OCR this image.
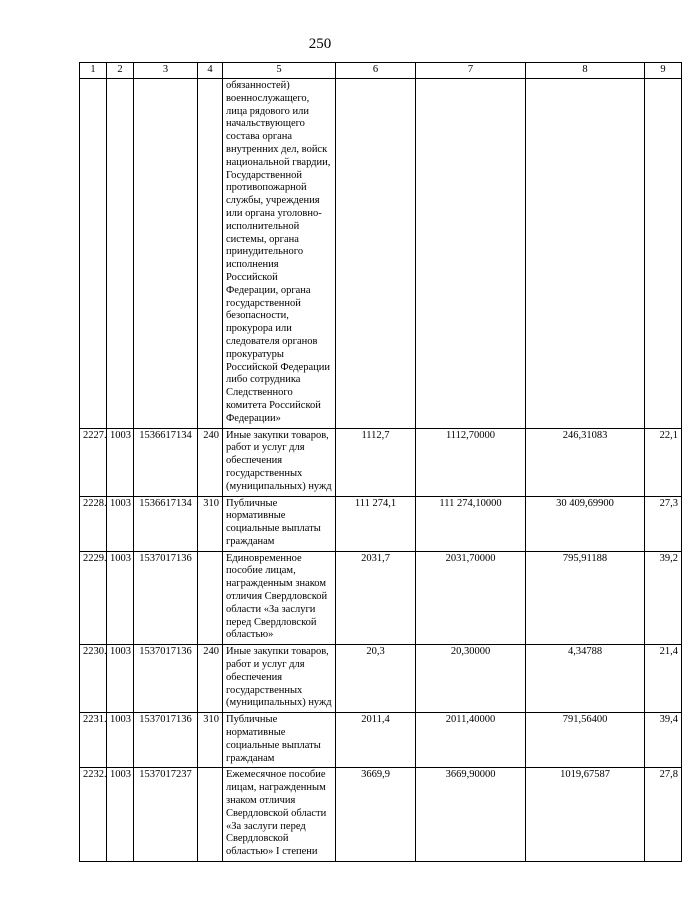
250
1	2	3	4	5	6	7	8	9
				обязанностей) военнослужащего, лица рядового или начальствующего состава органа внутренних дел, войск национальной гвардии, Государственной противопожарной службы, учреждения или органа уголовно-исполнительной системы, органа принудительного исполнения Российской Федерации, органа государственной безопасности, прокурора или следователя органов прокуратуры Российской Федерации либо сотрудника Следственного комитета Российской Федерации»				
2227.	1003	1536617134	240	Иные закупки товаров, работ и услуг для обеспечения государственных (муниципальных) нужд	1112,7	1112,70000	246,31083	22,1
2228.	1003	1536617134	310	Публичные нормативные социальные выплаты гражданам	111 274,1	111 274,10000	30 409,69900	27,3
2229.	1003	1537017136		Единовременное пособие лицам, награжденным знаком отличия Свердловской области «За заслуги перед Свердловской областью»	2031,7	2031,70000	795,91188	39,2
2230.	1003	1537017136	240	Иные закупки товаров, работ и услуг для обеспечения государственных (муниципальных) нужд	20,3	20,30000	4,34788	21,4
2231.	1003	1537017136	310	Публичные нормативные социальные выплаты гражданам	2011,4	2011,40000	791,56400	39,4
2232.	1003	1537017237		Ежемесячное пособие лицам, награжденным знаком отличия Свердловской области «За заслуги перед Свердловской областью» I степени	3669,9	3669,90000	1019,67587	27,8
